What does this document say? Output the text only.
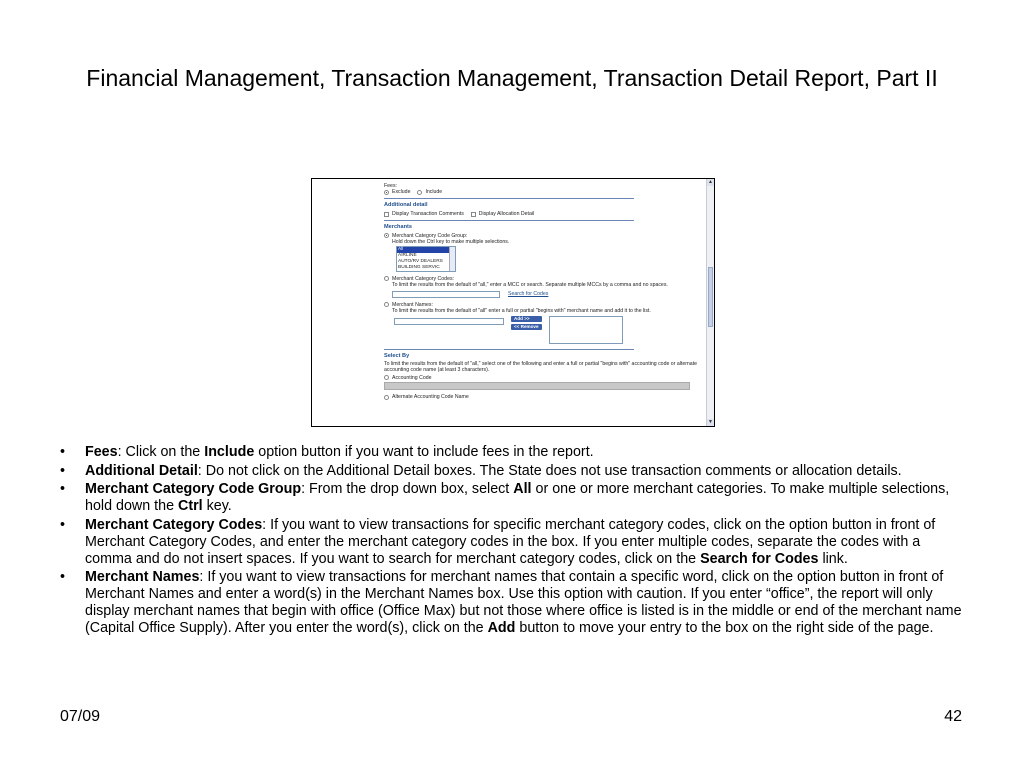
Financial Management, Transaction Management, Transaction Detail Report, Part II
Fees:
Exclude	Include
Additional detail
Display Transaction Comments	Display Allocation Detail
Merchants
Merchant Category Code Group:
Hold down the Ctrl key to make multiple selections.
All
AIRLINE
AUTO/RV DEALERS
BUILDING SERVIC
Merchant Category Codes:
To limit the results from the default of "all," enter a MCC or search. Separate multiple MCCs by a comma and no spaces.
Search for Codes
Merchant Names:
To limit the results from the default of "all" enter a full or partial "begins with" merchant name and add it to the list.
Add >>
<< Remove
Select By
To limit the results from the default of "all," select one of the following and enter a full or partial "begins with" accounting code or alternate accounting code name (at least 3 characters).
Accounting Code
Alternate Accounting Code Name
▲
▼
• Fees: Click on the Include option button if you want to include fees in the report.
• Additional Detail: Do not click on the Additional Detail boxes. The State does not use transaction comments or allocation details.
• Merchant Category Code Group: From the drop down box, select All or one or more merchant categories. To make multiple selections, hold down the Ctrl key.
• Merchant Category Codes: If you want to view transactions for specific merchant category codes, click on the option button in front of Merchant Category Codes, and enter the merchant category codes in the box. If you enter multiple codes, separate the codes with a comma and do not insert spaces. If you want to search for merchant category codes, click on the Search for Codes link.
• Merchant Names: If you want to view transactions for merchant names that contain a specific word, click on the option button in front of Merchant Names and enter a word(s) in the Merchant Names box. Use this option with caution. If you enter “office”, the report will only display merchant names that begin with office (Office Max) but not those where office is listed is in the middle or end of the merchant name (Capital Office Supply). After you enter the word(s), click on the Add button to move your entry to the box on the right side of the page.
07/09	42
